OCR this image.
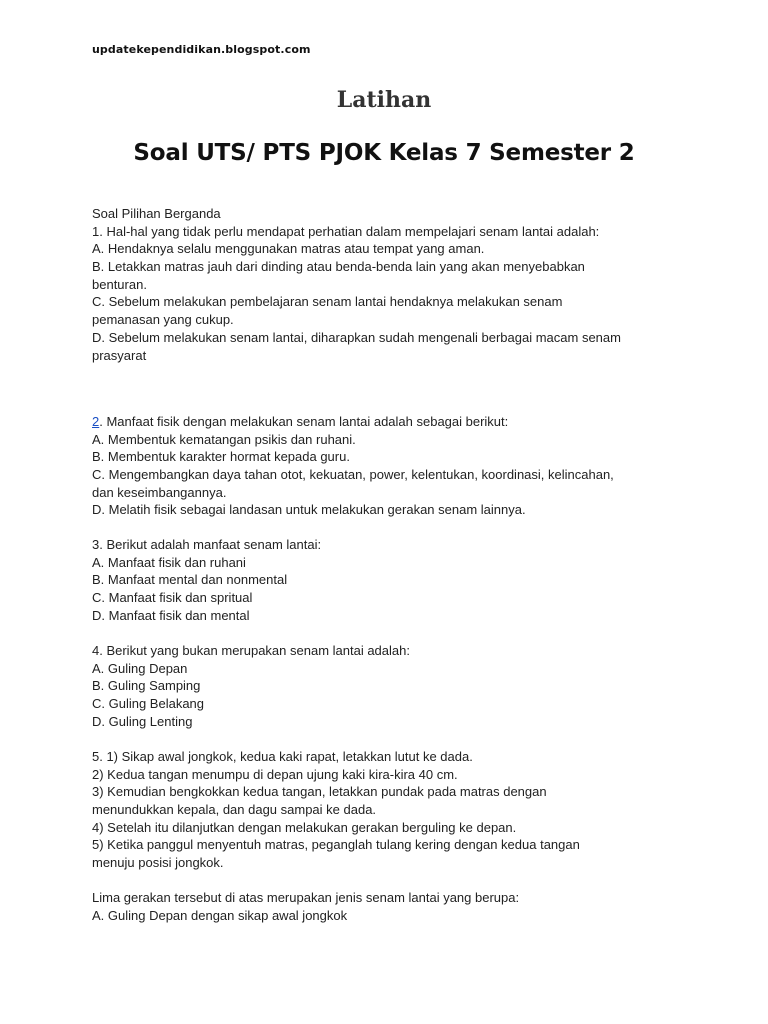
updatekependidikan.blogspot.com
Latihan
Soal UTS/ PTS PJOK Kelas 7 Semester 2
Soal Pilihan Berganda
1. Hal-hal yang tidak perlu mendapat perhatian dalam mempelajari senam lantai adalah:
A. Hendaknya selalu menggunakan matras atau tempat yang aman.
B. Letakkan matras jauh dari dinding atau benda-benda lain yang akan menyebabkan
benturan.
C. Sebelum melakukan pembelajaran senam lantai hendaknya melakukan senam
pemanasan yang cukup.
D. Sebelum melakukan senam lantai, diharapkan sudah mengenali berbagai macam senam
prasyarat
2. Manfaat fisik dengan melakukan senam lantai adalah sebagai berikut:
A. Membentuk kematangan psikis dan ruhani.
B. Membentuk karakter hormat kepada guru.
C. Mengembangkan daya tahan otot, kekuatan, power, kelentukan, koordinasi, kelincahan,
dan keseimbangannya.
D. Melatih fisik sebagai landasan untuk melakukan gerakan senam lainnya.
3. Berikut adalah manfaat senam lantai:
A. Manfaat fisik dan ruhani
B. Manfaat mental dan nonmental
C. Manfaat fisik dan spritual
D. Manfaat fisik dan mental
4. Berikut yang bukan merupakan senam lantai adalah:
A. Guling Depan
B. Guling Samping
C. Guling Belakang
D. Guling Lenting
5. 1) Sikap awal jongkok, kedua kaki rapat, letakkan lutut ke dada.
2) Kedua tangan menumpu di depan ujung kaki kira-kira 40 cm.
3) Kemudian bengkokkan kedua tangan, letakkan pundak pada matras dengan
menundukkan kepala, dan dagu sampai ke dada.
4) Setelah itu dilanjutkan dengan melakukan gerakan berguling ke depan.
5) Ketika panggul menyentuh matras, peganglah tulang kering dengan kedua tangan
menuju posisi jongkok.
Lima gerakan tersebut di atas merupakan jenis senam lantai yang berupa:
A. Guling Depan dengan sikap awal jongkok
